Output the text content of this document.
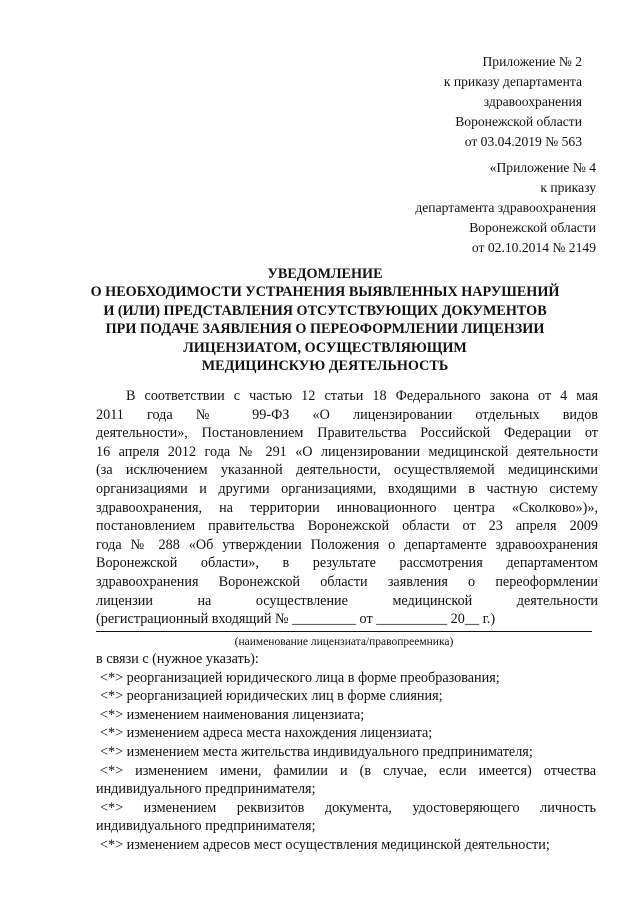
Приложение № 2
к приказу департамента
здравоохранения
Воронежской области
от 03.04.2019 № 563
«Приложение № 4
к приказу
департамента здравоохранения
Воронежской области
от 02.10.2014 № 2149
УВЕДОМЛЕНИЕ
О НЕОБХОДИМОСТИ УСТРАНЕНИЯ ВЫЯВЛЕННЫХ НАРУШЕНИЙ
И (ИЛИ) ПРЕДСТАВЛЕНИЯ ОТСУТСТВУЮЩИХ ДОКУМЕНТОВ
ПРИ ПОДАЧЕ ЗАЯВЛЕНИЯ О ПЕРЕОФОРМЛЕНИИ ЛИЦЕНЗИИ
ЛИЦЕНЗИАТОМ, ОСУЩЕСТВЛЯЮЩИМ
МЕДИЦИНСКУЮ ДЕЯТЕЛЬНОСТЬ
В соответствии с частью 12 статьи 18 Федерального закона от 4 мая
2011 года № 99-ФЗ «О лицензировании отдельных видов
деятельности», Постановлением Правительства Российской Федерации от
16 апреля 2012 года № 291 «О лицензировании медицинской деятельности
(за исключением указанной деятельности, осуществляемой медицинскими
организациями и другими организациями, входящими в частную систему
здравоохранения, на территории инновационного центра «Сколково»)»,
постановлением правительства Воронежской области от 23 апреля 2009
года № 288 «Об утверждении Положения о департаменте здравоохранения
Воронежской области», в результате рассмотрения департаментом
здравоохранения Воронежской области заявления о переоформлении
лицензии на осуществление медицинской деятельности
(регистрационный входящий № _________ от __________ 20__ г.)
(наименование лицензиата/правопреемника)
в связи с (нужное указать):
<*> реорганизацией юридического лица в форме преобразования;
<*> реорганизацией юридических лиц в форме слияния;
<*> изменением наименования лицензиата;
<*> изменением адреса места нахождения лицензиата;
<*> изменением места жительства индивидуального предпринимателя;
<*> изменением имени, фамилии и (в случае, если имеется) отчества
индивидуального предпринимателя;
<*> изменением реквизитов документа, удостоверяющего личность
индивидуального предпринимателя;
<*> изменением адресов мест осуществления медицинской деятельности;
